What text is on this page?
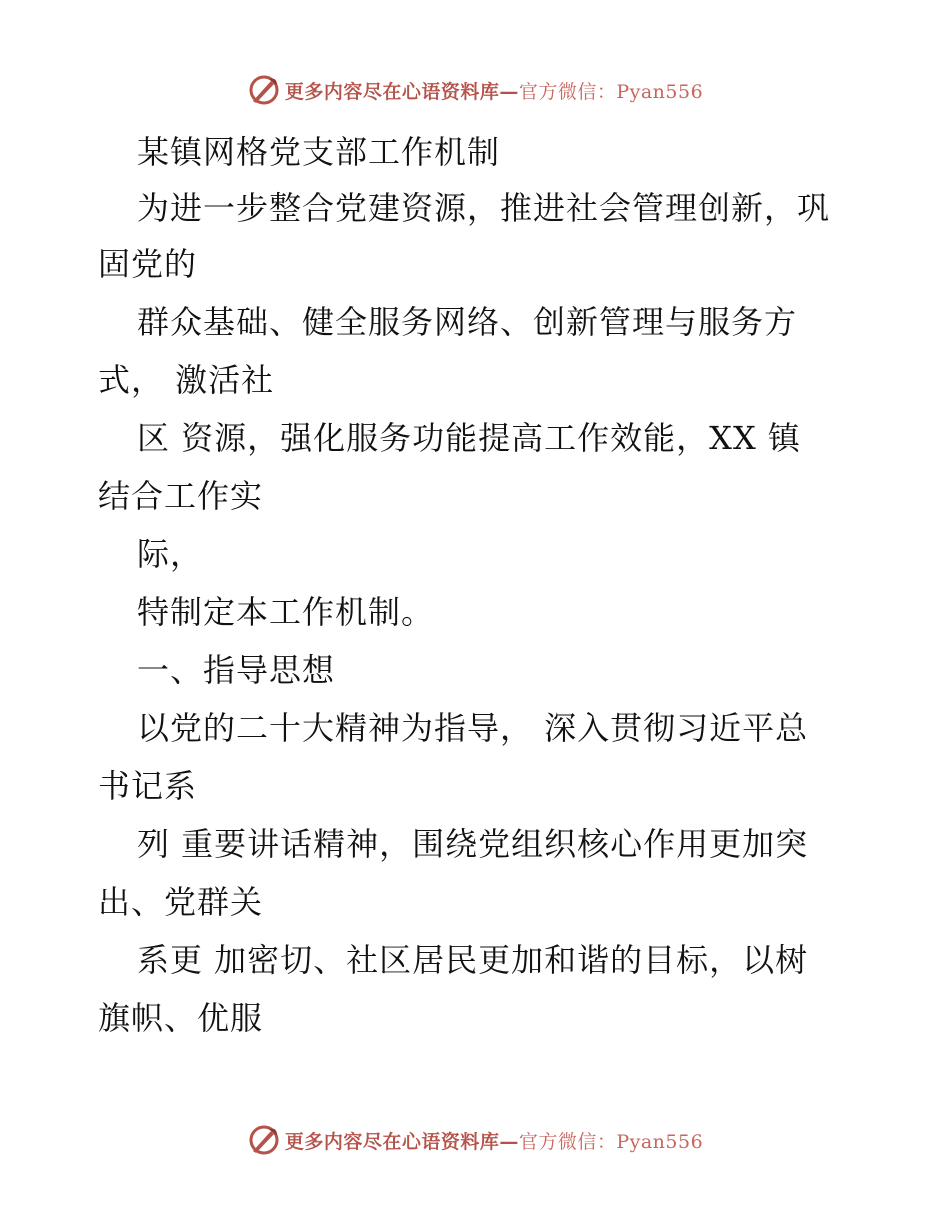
更多内容尽在心语资料库—官方微信：Pyan556
某镇网格党支部工作机制
为进一步整合党建资源，推进社会管理创新，巩
固党的
群众基础、健全服务网络、创新管理与服务方
式， 激活社
区 资源，强化服务功能提高工作效能，XX 镇
结合工作实
际，
特制定本工作机制。
一、指导思想
以党的二十大精神为指导， 深入贯彻习近平总
书记系
列 重要讲话精神，围绕党组织核心作用更加突
出、党群关
系更 加密切、社区居民更加和谐的目标，以树
旗帜、优服
更多内容尽在心语资料库—官方微信：Pyan556
